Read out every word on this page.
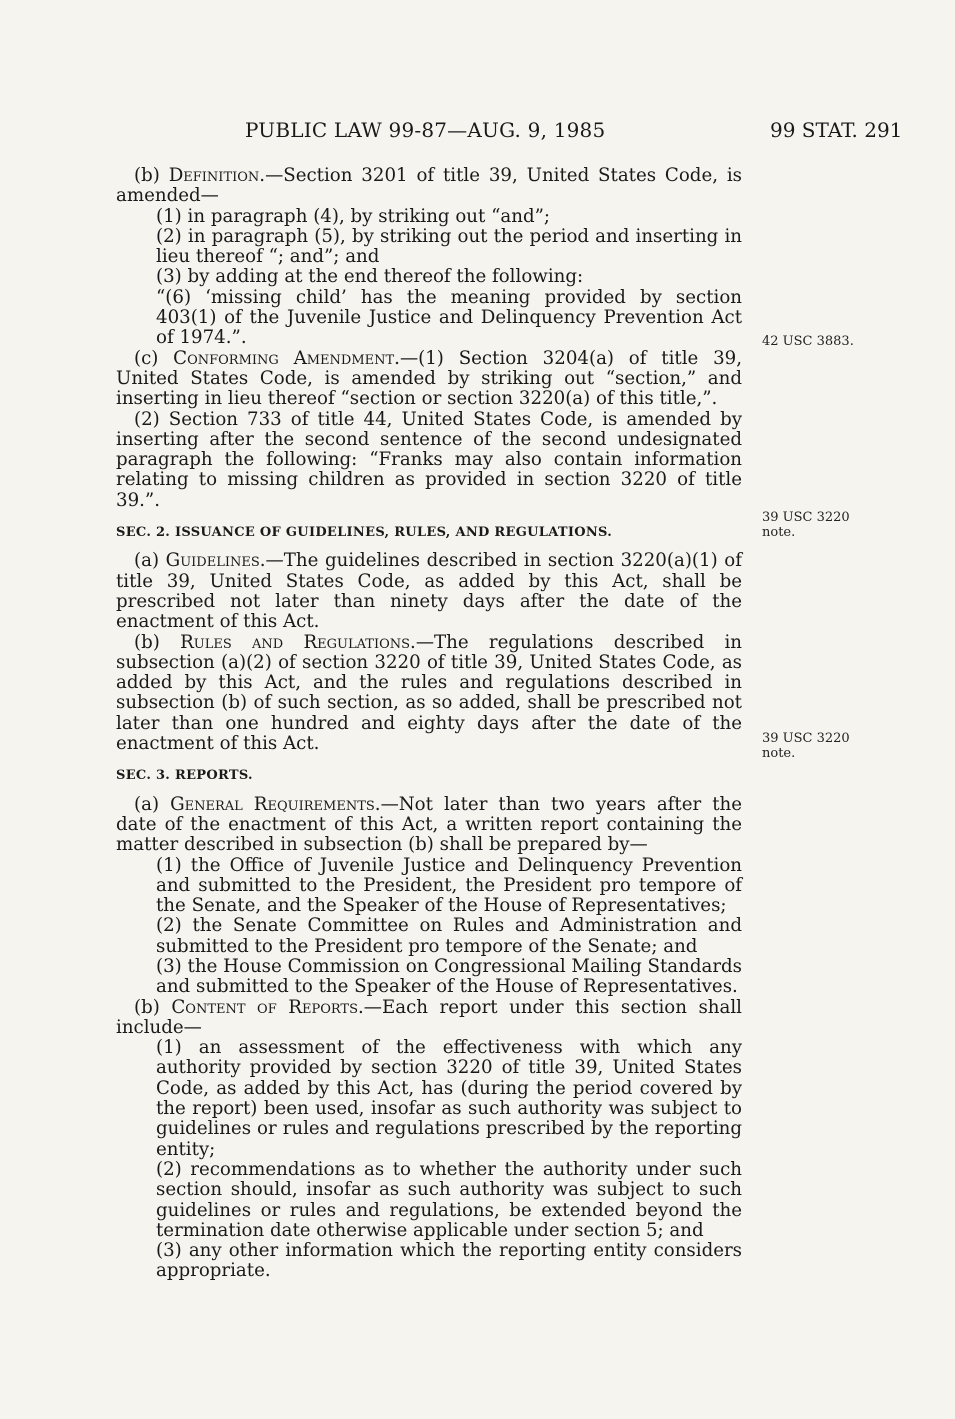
PUBLIC LAW 99-87—AUG. 9, 1985	99 STAT. 291
42 USC 3883.
39 USC 3220
note.
39 USC 3220
note.

(b) Definition.—Section 3201 of title 39, United States Code, is amended—

(1) in paragraph (4), by striking out “and”;

(2) in paragraph (5), by striking out the period and inserting in lieu thereof “; and”; and

(3) by adding at the end thereof the following:

“(6) ‘missing child’ has the meaning provided by section 403(1) of the Juvenile Justice and Delinquency Prevention Act of 1974.”.

(c) Conforming Amendment.—(1) Section 3204(a) of title 39, United States Code, is amended by striking out “section,” and inserting in lieu thereof “section or section 3220(a) of this title,”.

(2) Section 733 of title 44, United States Code, is amended by inserting after the second sentence of the second undesignated paragraph the following: “Franks may also contain information relating to missing children as provided in section 3220 of title 39.”.

SEC. 2. ISSUANCE OF GUIDELINES, RULES, AND REGULATIONS.

(a) Guidelines.—The guidelines described in section 3220(a)(1) of title 39, United States Code, as added by this Act, shall be prescribed not later than ninety days after the date of the enactment of this Act.

(b) Rules and Regulations.—The regulations described in subsection (a)(2) of section 3220 of title 39, United States Code, as added by this Act, and the rules and regulations described in subsection (b) of such section, as so added, shall be prescribed not later than one hundred and eighty days after the date of the enactment of this Act.

SEC. 3. REPORTS.

(a) General Requirements.—Not later than two years after the date of the enactment of this Act, a written report containing the matter described in subsection (b) shall be prepared by—

(1) the Office of Juvenile Justice and Delinquency Prevention and submitted to the President, the President pro tempore of the Senate, and the Speaker of the House of Representatives;

(2) the Senate Committee on Rules and Administration and submitted to the President pro tempore of the Senate; and

(3) the House Commission on Congressional Mailing Standards and submitted to the Speaker of the House of Representatives.

(b) Content of Reports.—Each report under this section shall include—

(1) an assessment of the effectiveness with which any authority provided by section 3220 of title 39, United States Code, as added by this Act, has (during the period covered by the report) been used, insofar as such authority was subject to guidelines or rules and regulations prescribed by the reporting entity;

(2) recommendations as to whether the authority under such section should, insofar as such authority was subject to such guidelines or rules and regulations, be extended beyond the termination date otherwise applicable under section 5; and

(3) any other information which the reporting entity considers appropriate.
